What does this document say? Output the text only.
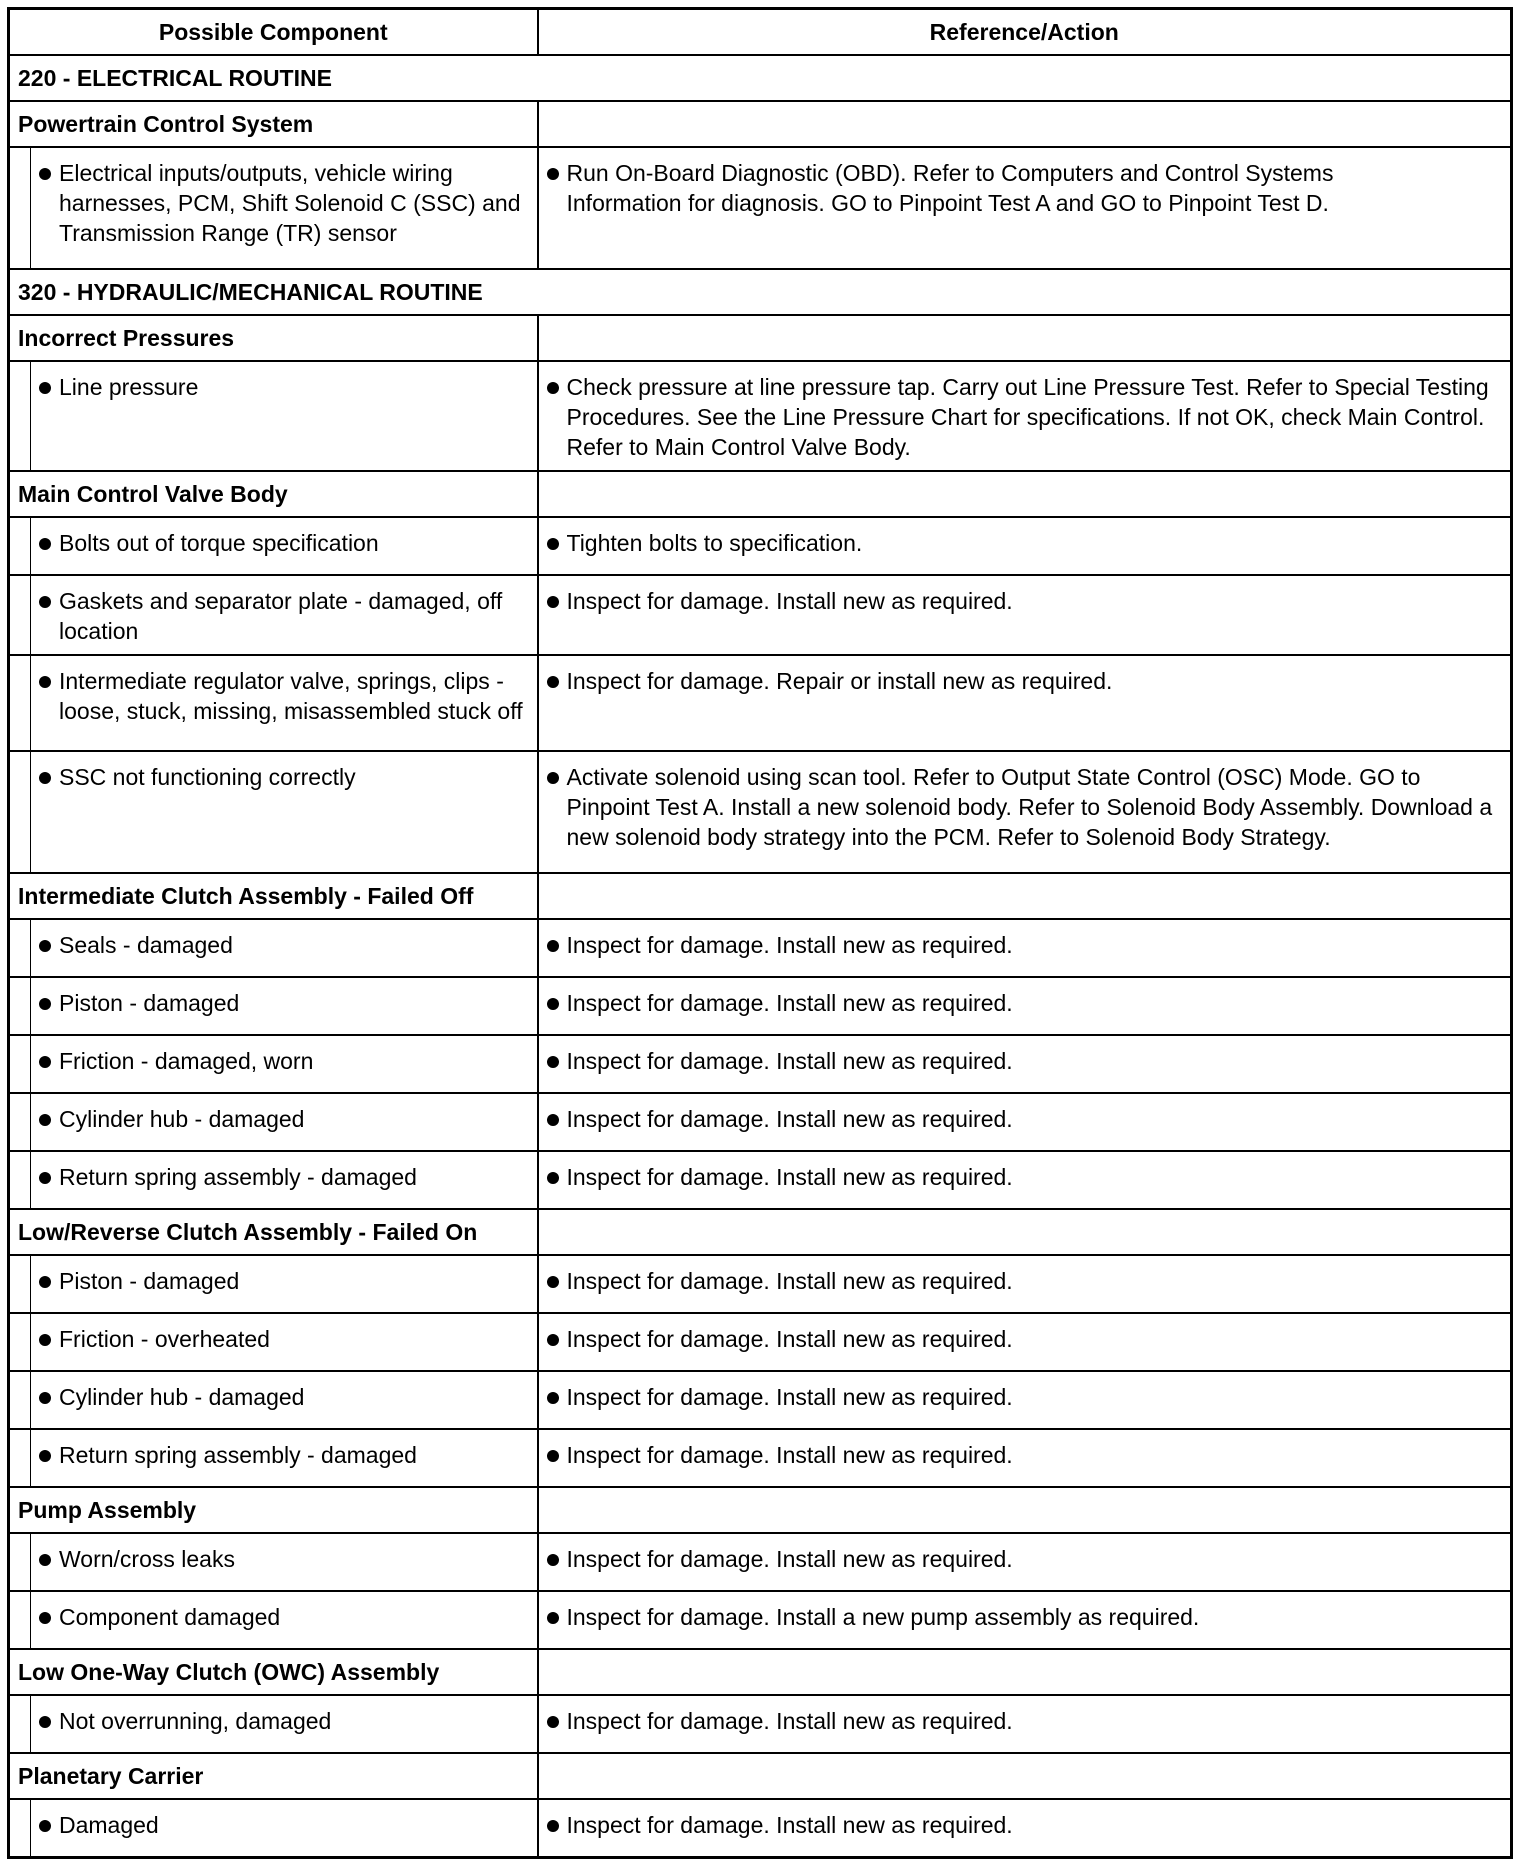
Possible Component		Reference/Action
220 - ELECTRICAL ROUTINE		
Powertrain Control System		

	Electrical inputs/outputs, vehicle wiring harnesses, PCM, Shift Solenoid C (SSC) and Transmission Range (TR) sensor	Run On-Board Diagnostic (OBD). Refer to Computers and Control Systems Information for diagnosis. GO to Pinpoint Test A and GO to Pinpoint Test D.

320 - HYDRAULIC/MECHANICAL ROUTINE		
Incorrect Pressures		

	Line pressure	Check pressure at line pressure tap. Carry out Line Pressure Test. Refer to Special Testing Procedures. See the Line Pressure Chart for specifications. If not OK, check Main Control. Refer to Main Control Valve Body.

Main Control Valve Body		

	Bolts out of torque specification	Tighten bolts to specification.

	Gaskets and separator plate - damaged, off location	Inspect for damage. Install new as required.

	Intermediate regulator valve, springs, clips - loose, stuck, missing, misassembled stuck off	Inspect for damage. Repair or install new as required.

	SSC not functioning correctly	Activate solenoid using scan tool. Refer to Output State Control (OSC) Mode. GO to Pinpoint Test A. Install a new solenoid body. Refer to Solenoid Body Assembly. Download a new solenoid body strategy into the PCM. Refer to Solenoid Body Strategy.

Intermediate Clutch Assembly - Failed Off		

	Seals - damaged	Inspect for damage. Install new as required.

	Piston - damaged	Inspect for damage. Install new as required.

	Friction - damaged, worn	Inspect for damage. Install new as required.

	Cylinder hub - damaged	Inspect for damage. Install new as required.

	Return spring assembly - damaged	Inspect for damage. Install new as required.

Low/Reverse Clutch Assembly - Failed On		

	Piston - damaged	Inspect for damage. Install new as required.

	Friction - overheated	Inspect for damage. Install new as required.

	Cylinder hub - damaged	Inspect for damage. Install new as required.

	Return spring assembly - damaged	Inspect for damage. Install new as required.

Pump Assembly		

	Worn/cross leaks	Inspect for damage. Install new as required.

	Component damaged	Inspect for damage. Install a new pump assembly as required.

Low One-Way Clutch (OWC) Assembly		

	Not overrunning, damaged	Inspect for damage. Install new as required.

Planetary Carrier		

	Damaged	Inspect for damage. Install new as required.
